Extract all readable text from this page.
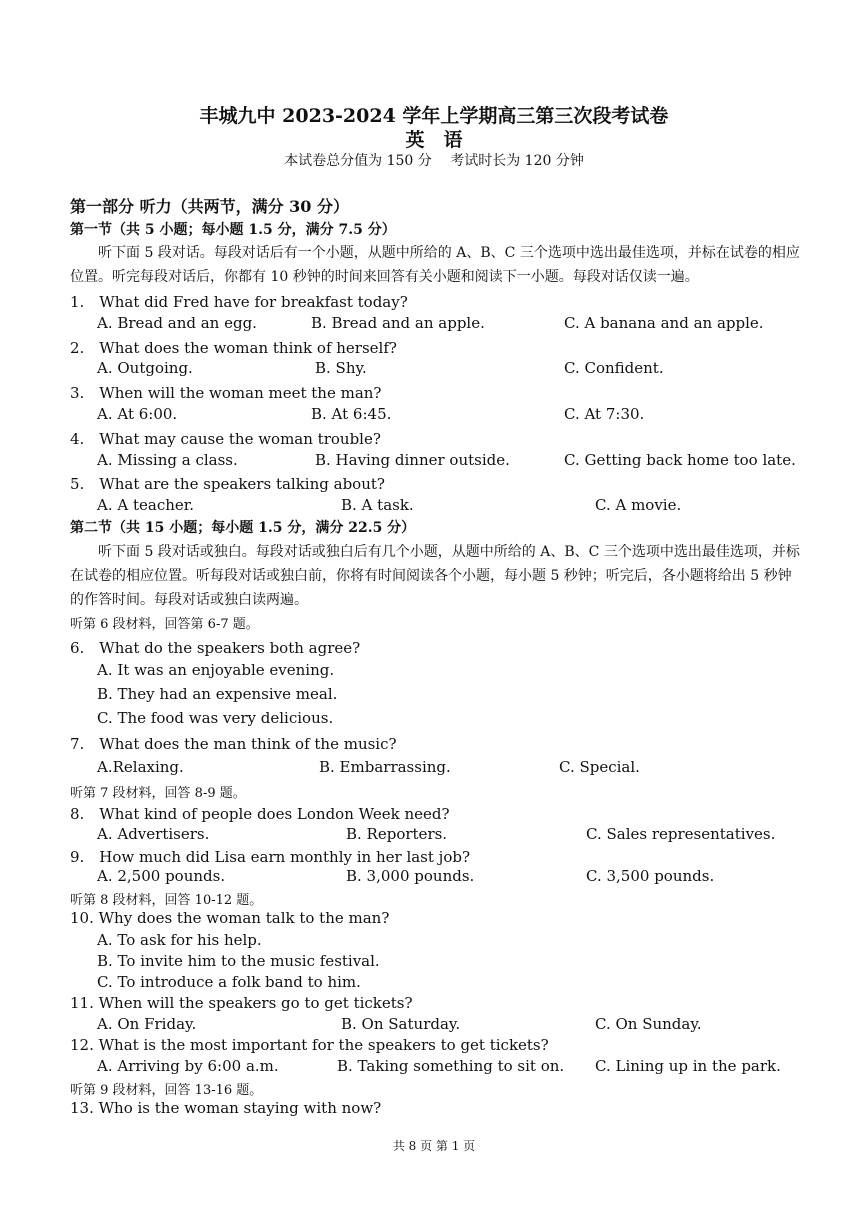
丰城九中 2023-2024 学年上学期高三第三次段考试卷
英　语
本试卷总分值为 150 分　 考试时长为 120 分钟
第一部分 听力（共两节，满分 30 分）
第一节（共 5 小题；每小题 1.5 分，满分 7.5 分）
听下面 5 段对话。每段对话后有一个小题，从题中所给的 A、B、C 三个选项中选出最佳选项，并标在试卷的相应位置。听完每段对话后，你都有 10 秒钟的时间来回答有关小题和阅读下一小题。每段对话仅读一遍。
1.　What did Fred have for breakfast today?
A. Bread and an egg.	B. Bread and an apple.	C. A banana and an apple.
2.　What does the woman think of herself?
A. Outgoing.	B. Shy.	C. Confident.
3.　When will the woman meet the man?
A. At 6:00.	B. At 6:45.	C. At 7:30.
4.　What may cause the woman trouble?
A. Missing a class.	B. Having dinner outside.	C. Getting back home too late.
5.　What are the speakers talking about?
A. A teacher.	B. A task.	C. A movie.
第二节（共 15 小题；每小题 1.5 分，满分 22.5 分）
听下面 5 段对话或独白。每段对话或独白后有几个小题，从题中所给的 A、B、C 三个选项中选出最佳选项，并标在试卷的相应位置。听每段对话或独白前，你将有时间阅读各个小题，每小题 5 秒钟；听完后，各小题将给出 5 秒钟的作答时间。每段对话或独白读两遍。
听第 6 段材料，回答第 6-7 题。
6.　What do the speakers both agree?
A. It was an enjoyable evening.
B. They had an expensive meal.
C. The food was very delicious.
7.　What does the man think of the music?
A.Relaxing.	B. Embarrassing.	C. Special.
听第 7 段材料，回答 8-9 题。
8.　What kind of people does London Week need?
A. Advertisers.	B. Reporters.	C. Sales representatives.
9.　How much did Lisa earn monthly in her last job?
A. 2,500 pounds.	B. 3,000 pounds.	C. 3,500 pounds.
听第 8 段材料，回答 10-12 题。
10. Why does the woman talk to the man?
A. To ask for his help.
B. To invite him to the music festival.
C. To introduce a folk band to him.
11. When will the speakers go to get tickets?
A. On Friday.	B. On Saturday.	C. On Sunday.
12. What is the most important for the speakers to get tickets?
A. Arriving by 6:00 a.m.	B. Taking something to sit on. C. Lining up in the park.
听第 9 段材料，回答 13-16 题。
13. Who is the woman staying with now?
共 8 页 第 1 页
